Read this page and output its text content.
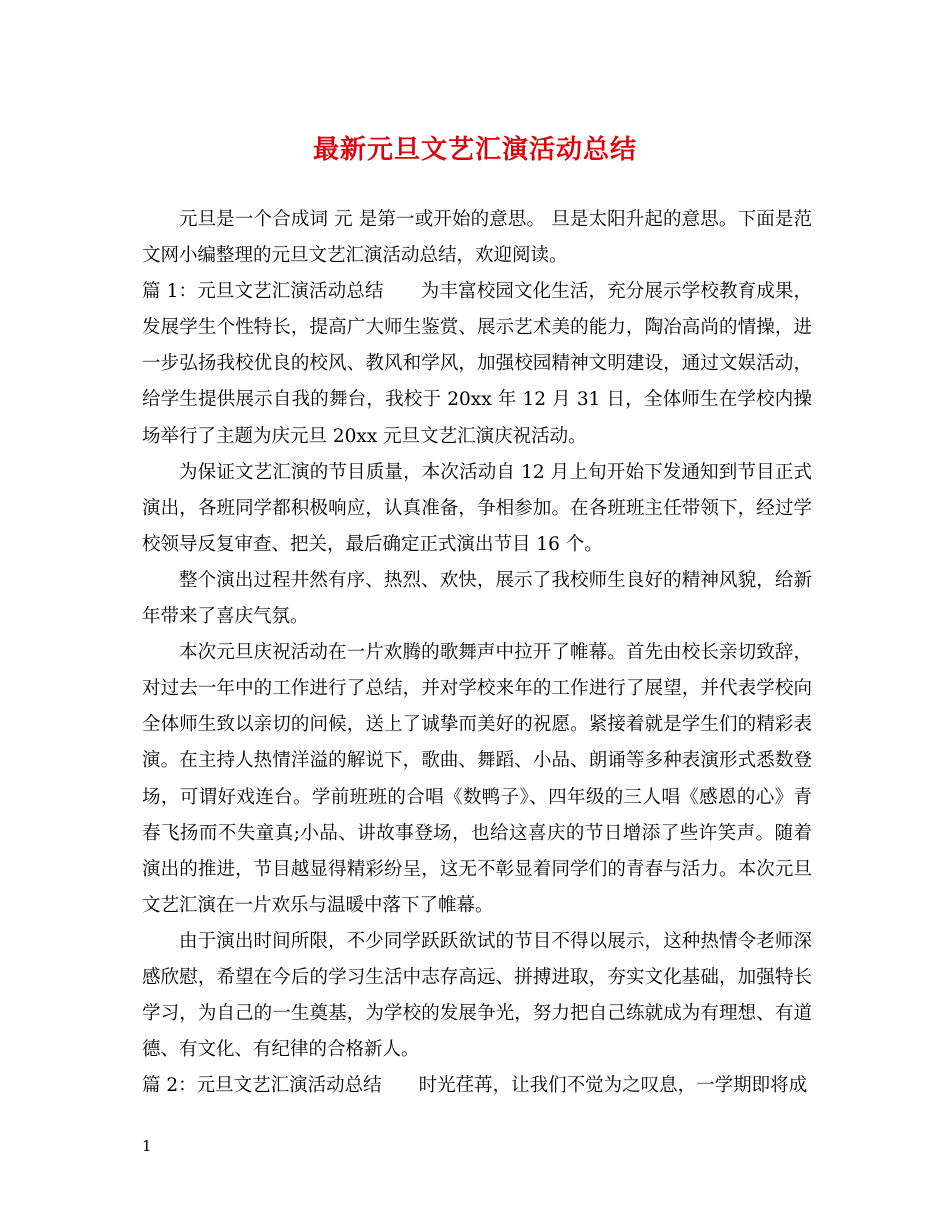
最新元旦文艺汇演活动总结

元旦是一个合成词 元 是第一或开始的意思。 旦是太阳升起的意思。下面是范文网小编整理的元旦文艺汇演活动总结，欢迎阅读。

篇 1：元旦文艺汇演活动总结　　为丰富校园文化生活，充分展示学校教育成果，发展学生个性特长，提高广大师生鉴赏、展示艺术美的能力，陶冶高尚的情操，进一步弘扬我校优良的校风、教风和学风，加强校园精神文明建设，通过文娱活动，给学生提供展示自我的舞台，我校于 20xx 年 12 月 31 日，全体师生在学校内操场举行了主题为庆元旦 20xx 元旦文艺汇演庆祝活动。

为保证文艺汇演的节目质量，本次活动自 12 月上旬开始下发通知到节目正式演出，各班同学都积极响应，认真准备，争相参加。在各班班主任带领下，经过学校领导反复审查、把关，最后确定正式演出节目 16 个。

整个演出过程井然有序、热烈、欢快，展示了我校师生良好的精神风貌，给新年带来了喜庆气氛。

本次元旦庆祝活动在一片欢腾的歌舞声中拉开了帷幕。首先由校长亲切致辞，对过去一年中的工作进行了总结，并对学校来年的工作进行了展望，并代表学校向全体师生致以亲切的问候，送上了诚挚而美好的祝愿。紧接着就是学生们的精彩表演。在主持人热情洋溢的解说下，歌曲、舞蹈、小品、朗诵等多种表演形式悉数登场，可谓好戏连台。学前班班的合唱《数鸭子》、四年级的三人唱《感恩的心》青春飞扬而不失童真;小品、讲故事登场，也给这喜庆的节日增添了些许笑声。随着演出的推进，节目越显得精彩纷呈，这无不彰显着同学们的青春与活力。本次元旦文艺汇演在一片欢乐与温暖中落下了帷幕。

由于演出时间所限，不少同学跃跃欲试的节目不得以展示，这种热情令老师深感欣慰，希望在今后的学习生活中志存高远、拼搏进取，夯实文化基础，加强特长学习，为自己的一生奠基，为学校的发展争光，努力把自己练就成为有理想、有道德、有文化、有纪律的合格新人。

篇 2：元旦文艺汇演活动总结　　时光荏苒，让我们不觉为之叹息，一学期即将成

1
